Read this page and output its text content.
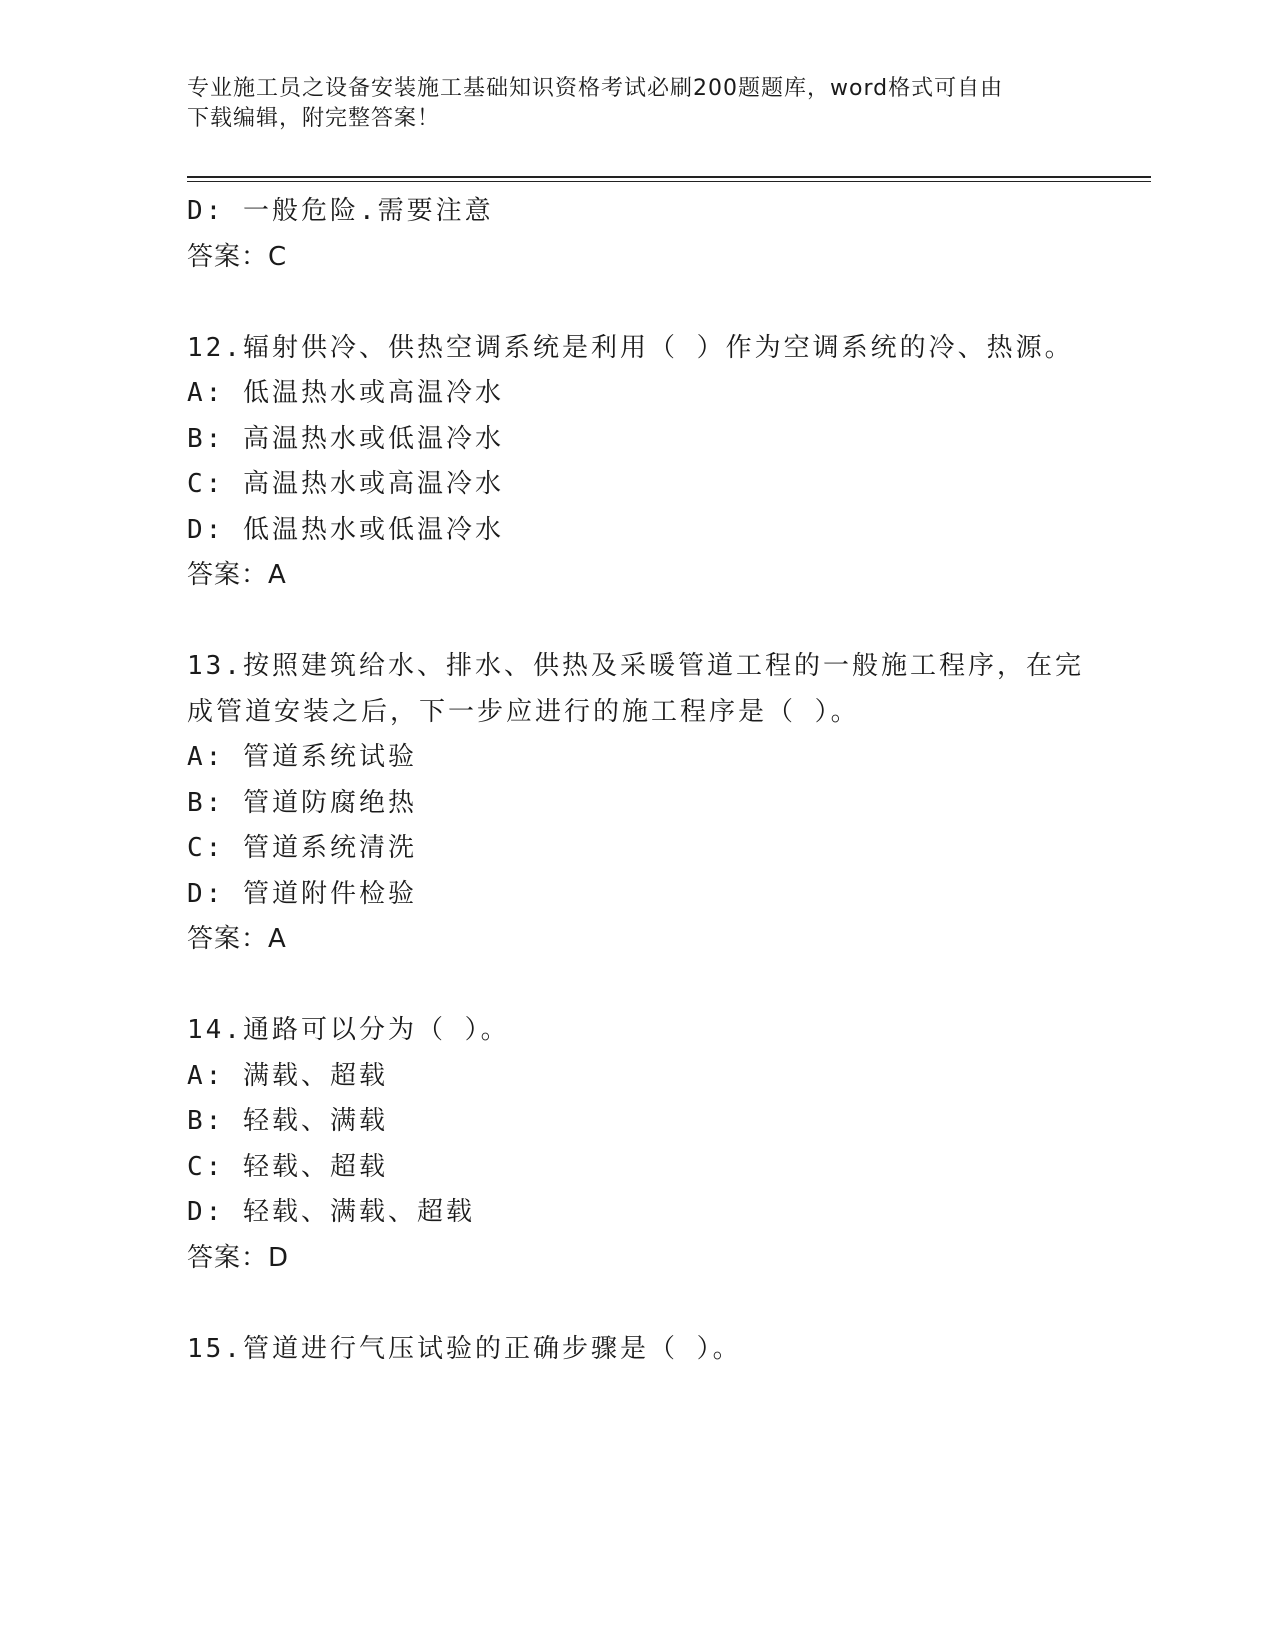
专业施工员之设备安装施工基础知识资格考试必刷200题题库，word格式可自由
下载编辑，附完整答案！
D: 一般危险.需要注意
答案：C
12.辐射供冷、供热空调系统是利用（ ）作为空调系统的冷、热源。
A: 低温热水或高温冷水
B: 高温热水或低温冷水
C: 高温热水或高温冷水
D: 低温热水或低温冷水
答案：A
13.按照建筑给水、排水、供热及采暖管道工程的一般施工程序，在完
成管道安装之后，下一步应进行的施工程序是（ ）。
A: 管道系统试验
B: 管道防腐绝热
C: 管道系统清洗
D: 管道附件检验
答案：A
14.通路可以分为（ ）。
A: 满载、超载
B: 轻载、满载
C: 轻载、超载
D: 轻载、满载、超载
答案：D
15.管道进行气压试验的正确步骤是（ ）。
